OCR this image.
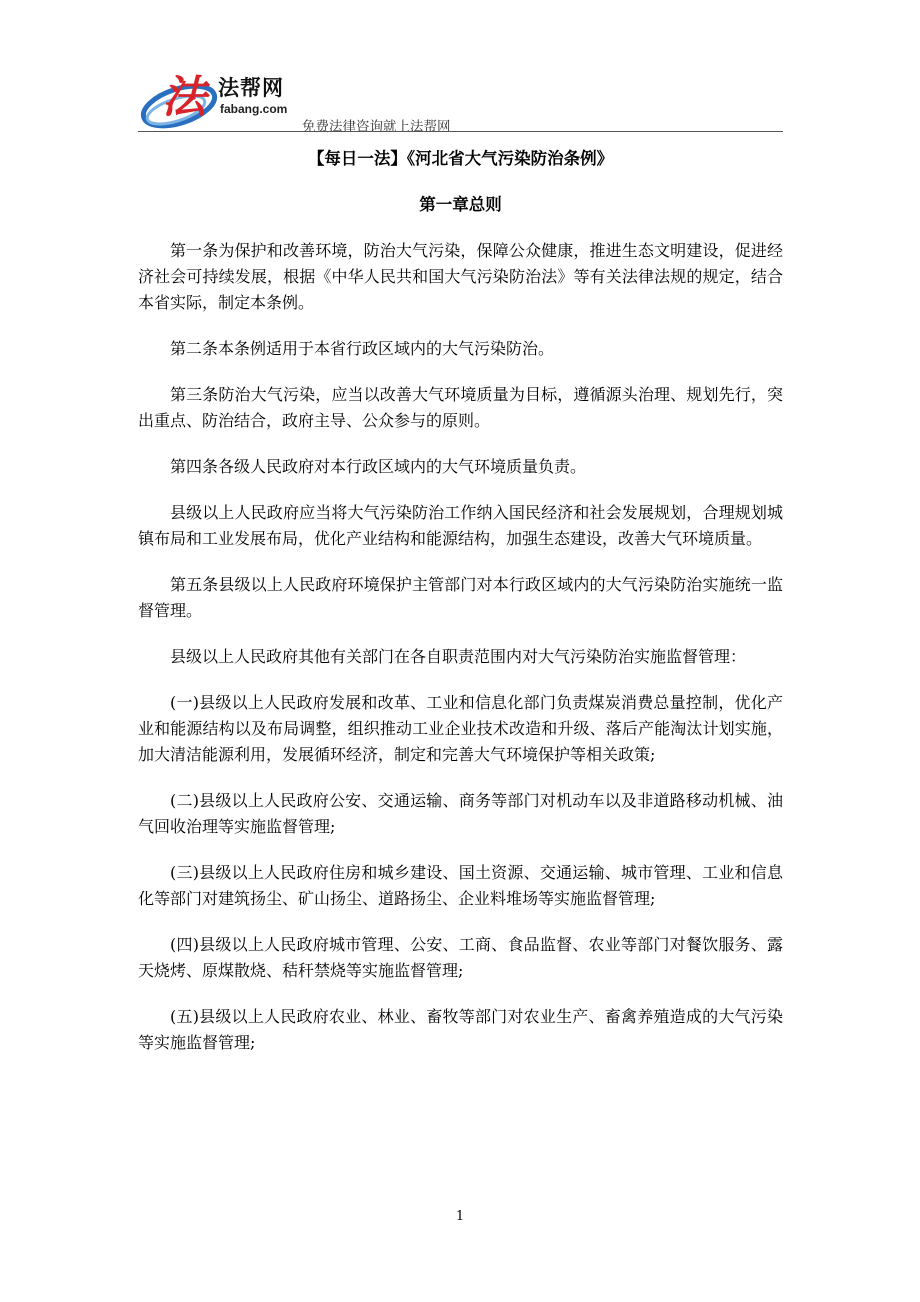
法 法帮网
fabang.com
免费法律咨询就上法帮网
【每日一法】《河北省大气污染防治条例》
第一章总则

第一条为保护和改善环境，防治大气污染，保障公众健康，推进生态文明建设，促进经济社会可持续发展，根据《中华人民共和国大气污染防治法》等有关法律法规的规定，结合本省实际，制定本条例。

第二条本条例适用于本省行政区域内的大气污染防治。

第三条防治大气污染，应当以改善大气环境质量为目标，遵循源头治理、规划先行，突出重点、防治结合，政府主导、公众参与的原则。

第四条各级人民政府对本行政区域内的大气环境质量负责。

县级以上人民政府应当将大气污染防治工作纳入国民经济和社会发展规划，合理规划城镇布局和工业发展布局，优化产业结构和能源结构，加强生态建设，改善大气环境质量。

第五条县级以上人民政府环境保护主管部门对本行政区域内的大气污染防治实施统一监督管理。

县级以上人民政府其他有关部门在各自职责范围内对大气污染防治实施监督管理：

(一)县级以上人民政府发展和改革、工业和信息化部门负责煤炭消费总量控制，优化产业和能源结构以及布局调整，组织推动工业企业技术改造和升级、落后产能淘汰计划实施，加大清洁能源利用，发展循环经济，制定和完善大气环境保护等相关政策;

(二)县级以上人民政府公安、交通运输、商务等部门对机动车以及非道路移动机械、油气回收治理等实施监督管理;

(三)县级以上人民政府住房和城乡建设、国土资源、交通运输、城市管理、工业和信息化等部门对建筑扬尘、矿山扬尘、道路扬尘、企业料堆场等实施监督管理;

(四)县级以上人民政府城市管理、公安、工商、食品监督、农业等部门对餐饮服务、露天烧烤、原煤散烧、秸秆禁烧等实施监督管理;

(五)县级以上人民政府农业、林业、畜牧等部门对农业生产、畜禽养殖造成的大气污染等实施监督管理;

1
